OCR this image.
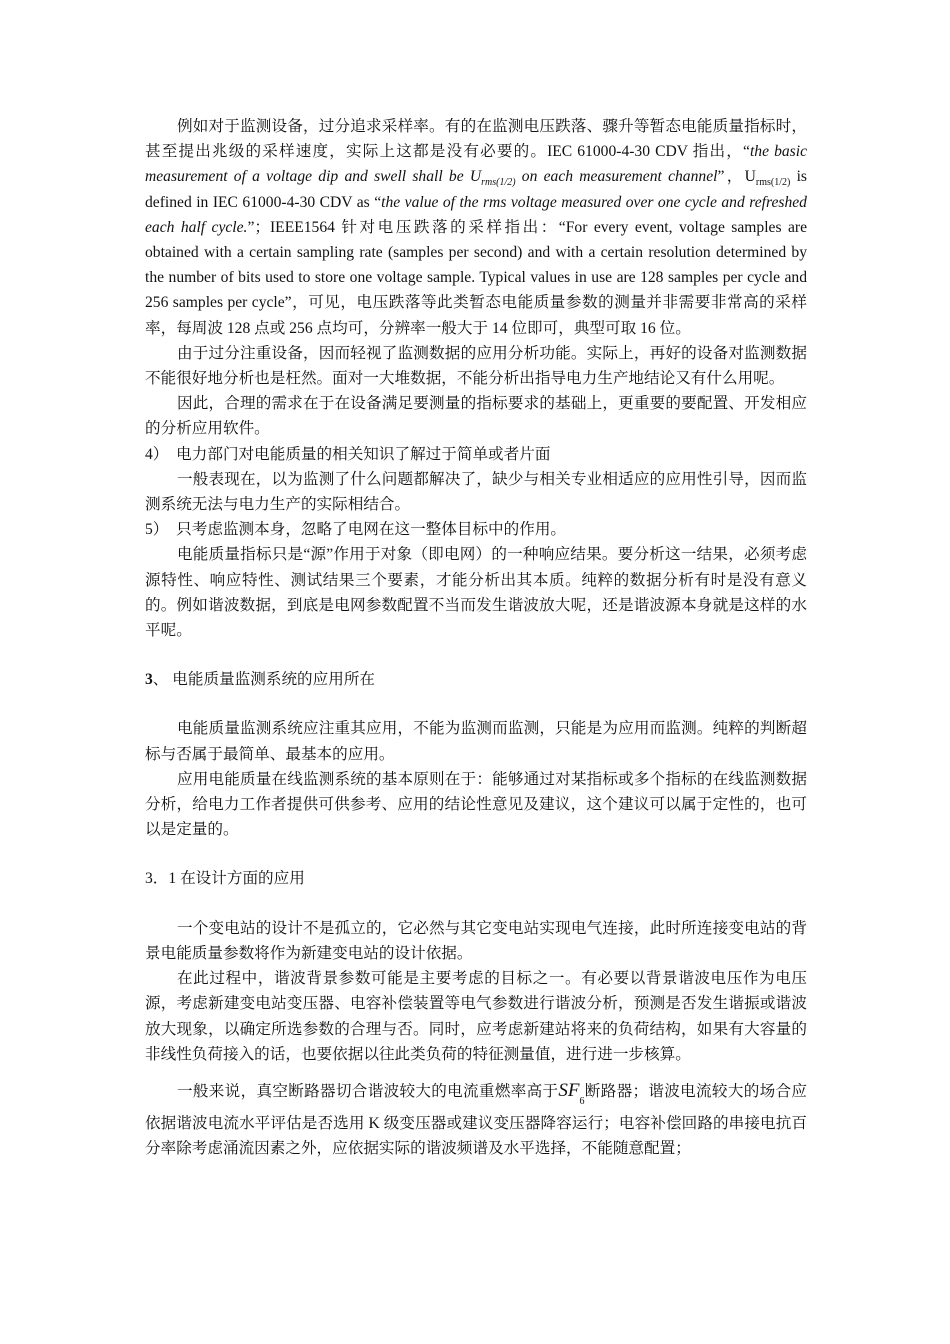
例如对于监测设备，过分追求采样率。有的在监测电压跌落、骤升等暂态电能质量指标时，甚至提出兆级的采样速度，实际上这都是没有必要的。IEC 61000-4-30 CDV 指出，“the basic measurement of a voltage dip and swell shall be $U_{rms(1/2)}$ on each measurement channel”，$U_{rms(1/2)}$ is defined in IEC 61000-4-30 CDV as “the value of the rms voltage measured over one cycle and refreshed each half cycle.”；IEEE1564 针对电压跌落的采样指出：“For every event, voltage samples are obtained with a certain sampling rate (samples per second) and with a certain resolution determined by the number of bits used to store one voltage sample. Typical values in use are 128 samples per cycle and 256 samples per cycle”，可见，电压跌落等此类暂态电能质量参数的测量并非需要非常高的采样率，每周波 128 点或 256 点均可，分辨率一般大于 14 位即可，典型可取 16 位。

由于过分注重设备，因而轻视了监测数据的应用分析功能。实际上，再好的设备对监测数据不能很好地分析也是枉然。面对一大堆数据，不能分析出指导电力生产地结论又有什么用呢。

因此，合理的需求在于在设备满足要测量的指标要求的基础上，更重要的要配置、开发相应的分析应用软件。

4）　电力部门对电能质量的相关知识了解过于简单或者片面

一般表现在，以为监测了什么问题都解决了，缺少与相关专业相适应的应用性引导，因而监测系统无法与电力生产的实际相结合。

5）　只考虑监测本身，忽略了电网在这一整体目标中的作用。

电能质量指标只是“源”作用于对象（即电网）的一种响应结果。要分析这一结果，必须考虑源特性、响应特性、测试结果三个要素，才能分析出其本质。纯粹的数据分析有时是没有意义的。例如谐波数据，到底是电网参数配置不当而发生谐波放大呢，还是谐波源本身就是这样的水平呢。

3、 电能质量监测系统的应用所在

电能质量监测系统应注重其应用，不能为监测而监测，只能是为应用而监测。纯粹的判断超标与否属于最简单、最基本的应用。

应用电能质量在线监测系统的基本原则在于：能够通过对某指标或多个指标的在线监测数据分析，给电力工作者提供可供参考、应用的结论性意见及建议，这个建议可以属于定性的，也可以是定量的。

3．1 在设计方面的应用

一个变电站的设计不是孤立的，它必然与其它变电站实现电气连接，此时所连接变电站的背景电能质量参数将作为新建变电站的设计依据。

在此过程中，谐波背景参数可能是主要考虑的目标之一。有必要以背景谐波电压作为电压源，考虑新建变电站变压器、电容补偿装置等电气参数进行谐波分析，预测是否发生谐振或谐波放大现象，以确定所选参数的合理与否。同时，应考虑新建站将来的负荷结构，如果有大容量的非线性负荷接入的话，也要依据以往此类负荷的特征测量值，进行进一步核算。

一般来说，真空断路器切合谐波较大的电流重燃率高于$SF_6$断路器；谐波电流较大的场合应依据谐波电流水平评估是否选用 K 级变压器或建议变压器降容运行；电容补偿回路的串接电抗百分率除考虑涌流因素之外，应依据实际的谐波频谱及水平选择，不能随意配置；
